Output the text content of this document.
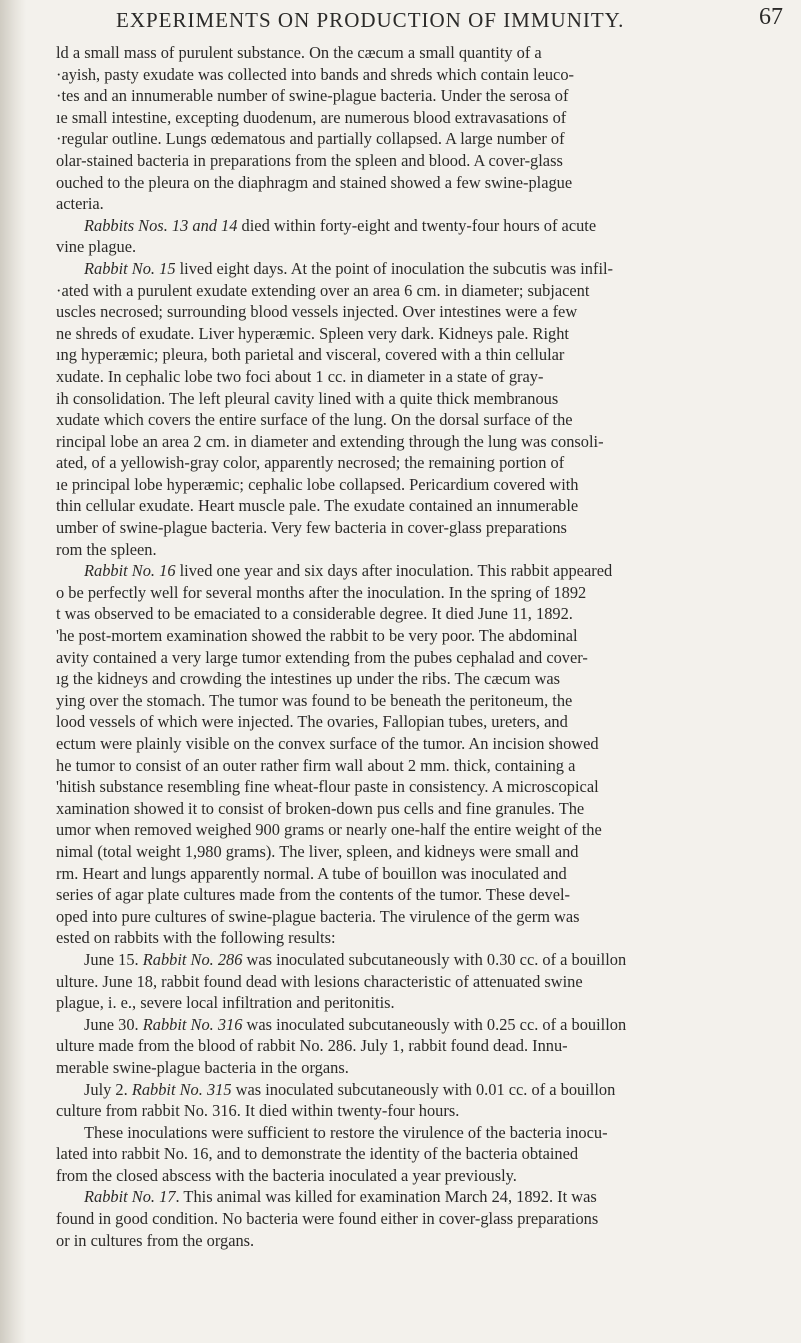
EXPERIMENTS ON PRODUCTION OF IMMUNITY.	67
ld a small mass of purulent substance. On the cæcum a small quantity of a
·ayish, pasty exudate was collected into bands and shreds which contain leuco-
·tes and an innumerable number of swine-plague bacteria. Under the serosa of
ıe small intestine, excepting duodenum, are numerous blood extravasations of
·regular outline. Lungs œdematous and partially collapsed. A large number of
olar-stained bacteria in preparations from the spleen and blood. A cover-glass
ouched to the pleura on the diaphragm and stained showed a few swine-plague
acteria.
Rabbits Nos. 13 and 14 died within forty-eight and twenty-four hours of acute
vine plague.
Rabbit No. 15 lived eight days. At the point of inoculation the subcutis was infil-
·ated with a purulent exudate extending over an area 6 cm. in diameter; subjacent
uscles necrosed; surrounding blood vessels injected. Over intestines were a few
ne shreds of exudate. Liver hyperæmic. Spleen very dark. Kidneys pale. Right
ıng hyperæmic; pleura, both parietal and visceral, covered with a thin cellular
xudate. In cephalic lobe two foci about 1 cc. in diameter in a state of gray-
ih consolidation. The left pleural cavity lined with a quite thick membranous
xudate which covers the entire surface of the lung. On the dorsal surface of the
rincipal lobe an area 2 cm. in diameter and extending through the lung was consoli-
ated, of a yellowish-gray color, apparently necrosed; the remaining portion of
ıe principal lobe hyperæmic; cephalic lobe collapsed. Pericardium covered with
thin cellular exudate. Heart muscle pale. The exudate contained an innumerable
umber of swine-plague bacteria. Very few bacteria in cover-glass preparations
rom the spleen.
Rabbit No. 16 lived one year and six days after inoculation. This rabbit appeared
o be perfectly well for several months after the inoculation. In the spring of 1892
t was observed to be emaciated to a considerable degree. It died June 11, 1892.
'he post-mortem examination showed the rabbit to be very poor. The abdominal
avity contained a very large tumor extending from the pubes cephalad and cover-
ıg the kidneys and crowding the intestines up under the ribs. The cæcum was
ying over the stomach. The tumor was found to be beneath the peritoneum, the
lood vessels of which were injected. The ovaries, Fallopian tubes, ureters, and
ectum were plainly visible on the convex surface of the tumor. An incision showed
he tumor to consist of an outer rather firm wall about 2 mm. thick, containing a
'hitish substance resembling fine wheat-flour paste in consistency. A microscopical
xamination showed it to consist of broken-down pus cells and fine granules. The
umor when removed weighed 900 grams or nearly one-half the entire weight of the
nimal (total weight 1,980 grams). The liver, spleen, and kidneys were small and
rm. Heart and lungs apparently normal. A tube of bouillon was inoculated and
series of agar plate cultures made from the contents of the tumor. These devel-
oped into pure cultures of swine-plague bacteria. The virulence of the germ was
ested on rabbits with the following results:
June 15. Rabbit No. 286 was inoculated subcutaneously with 0.30 cc. of a bouillon
ulture. June 18, rabbit found dead with lesions characteristic of attenuated swine
plague, i. e., severe local infiltration and peritonitis.
June 30. Rabbit No. 316 was inoculated subcutaneously with 0.25 cc. of a bouillon
ulture made from the blood of rabbit No. 286. July 1, rabbit found dead. Innu-
merable swine-plague bacteria in the organs.
July 2. Rabbit No. 315 was inoculated subcutaneously with 0.01 cc. of a bouillon
culture from rabbit No. 316. It died within twenty-four hours.
These inoculations were sufficient to restore the virulence of the bacteria inocu-
lated into rabbit No. 16, and to demonstrate the identity of the bacteria obtained
from the closed abscess with the bacteria inoculated a year previously.
Rabbit No. 17. This animal was killed for examination March 24, 1892. It was
found in good condition. No bacteria were found either in cover-glass preparations
or in cultures from the organs.
